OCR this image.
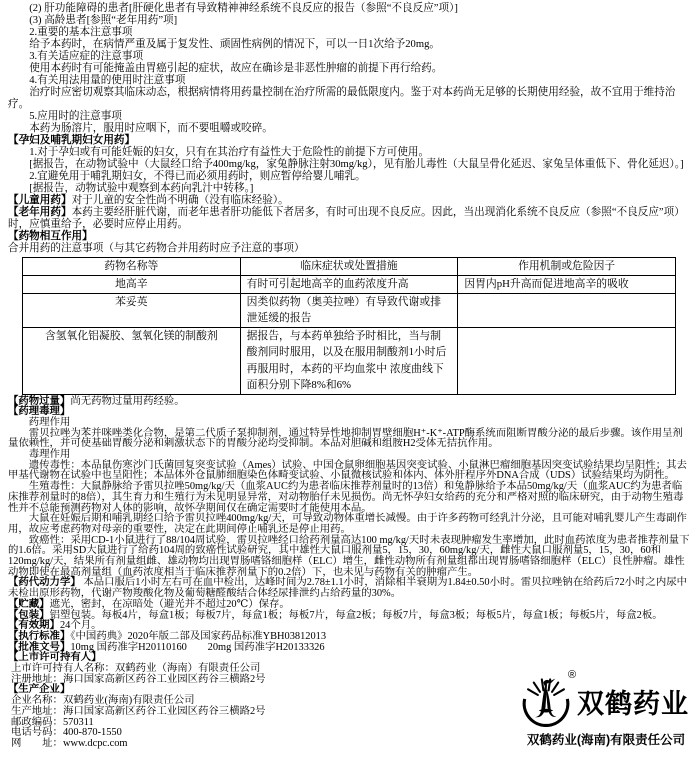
(2) 肝功能障碍的患者[肝硬化患者有导致精神神经系统不良反应的报告（参照“不良反应”项）]

(3) 高龄患者[参照“老年用药”项]

2.重要的基本注意事项

给予本药时，在病情严重及属于复发性、顽固性病例的情况下，可以一日1次给予20mg。

3.有关适应症的注意事项

使用本药时有可能掩盖由胃癌引起的症状，故应在确诊是非恶性肿瘤的前提下再行给药。

4.有关用法用量的使用时注意事项

治疗时应密切观察其临床动态，根据病情将用药量控制在治疗所需的最低限度内。鉴于对本药尚无足够的长期使用经验，故不宜用于维持治疗。

5.应用时的注意事项

本药为肠溶片，服用时应咽下，而不要咀嚼或咬碎。

【孕妇及哺乳期妇女用药】

1.对于孕妇或有可能妊娠的妇女，只有在其治疗有益性大于危险性的前提下方可使用。

[据报告，在动物试验中（大鼠经口给予400mg/kg，家兔静脉注射30mg/kg），见有胎儿毒性（大鼠呈骨化延迟、家兔呈体重低下、骨化延迟）。]

2.宜避免用于哺乳期妇女，不得已而必须用药时，则应暂停给婴儿哺乳。

[据报告，动物试验中观察到本药向乳汁中转移。]

【儿童用药】对于儿童的安全性尚不明确（没有临床经验）。

【老年用药】本药主要经肝脏代谢，而老年患者肝功能低下者居多，有时可出现不良反应。因此，当出现消化系统不良反应（参照“不良反应”项）时，应慎重给予，必要时应停止用药。

【药物相互作用】

合并用药的注意事项（与其它药物合并用药时应予注意的事项）

药物名称等	临床症状或处置措施	作用机制或危险因子
地高辛	有时可引起地高辛的血药浓度升高	因胃内pH升高而促进地高辛的吸收
苯妥英	因类似药物（奥美拉唑）有导致代谢或排泄延缓的报告	
含氢氧化铝凝胶、氢氧化镁的制酸剂	据报告，与本药单独给予时相比，当与制酸剂同时服用，以及在服用制酸剂1小时后再服用时，本药的平均血浆中 浓度曲线下面积分别下降8%和6%	

【药物过量】尚无药物过量用药经验。

【药理毒理】

药理作用

雷贝拉唑为苯并咪唑类化合物，是第二代质子泵抑制剂，通过特异性地抑制胃壁细胞H⁺-K⁺-ATP酶系统而阻断胃酸分泌的最后步骤。该作用呈剂量依赖性，并可使基础胃酸分泌和刺激状态下的胃酸分泌均受抑制。本品对胆碱和组胺H2受体无拮抗作用。

毒理作用

遗传毒性：本品鼠伤寒沙门氏菌回复突变试验（Ames）试验、中国仓鼠卵细胞基因突变试验、小鼠淋巴瘤细胞基因突变试验结果均呈阳性；其去甲基代谢物在试验中也呈阳性；本品体外仓鼠肺细胞染色体畸变试验、小鼠微核试验和体内、体外肝程序外DNA合成（UDS）试验结果均为阴性。

生殖毒性：大鼠静脉给予雷贝拉唑50mg/kg/天（血浆AUC约为患者临床推荐剂量时的13倍）和兔静脉给予本品50mg/kg/天（血浆AUC约为患者临床推荐剂量时的8倍），其生育力和生殖行为未见明显异常，对动物胎仔未见损伤。尚无怀孕妇女给药的充分和严格对照的临床研究，由于动物生殖毒性并不总能预测药物对人体的影响，故怀孕期间仅在确定需要时才能使用本品。

大鼠在妊娠后期和哺乳期经口给予雷贝拉唑400mg/kg/天，可导致动物体重增长减慢。由于许多药物可经乳汁分泌，且可能对哺乳婴儿产生毒副作用，故应考虑药物对母亲的重要性，决定在此期间停止哺乳还是停止用药。

致癌性：采用CD-1小鼠进行了88/104周试验，雷贝拉唑经口给药剂量高达100 mg/kg/天时未表现肿瘤发生率增加，此时血药浓度为患者推荐剂量下的1.6倍。采用SD大鼠进行了给药104周的致癌性试验研究，其中雄性大鼠口服剂量5，15，30，60mg/kg/天，雌性大鼠口服剂量5，15，30，60和120mg/kg/天，结果所有剂量组雌、雄动物均出现胃肠嗜铬细胞样（ELC）增生，雌性动物所有剂量组都出现胃肠嗜铬细胞样（ELC）良性肿瘤。雄性动物即使在最高剂量组（血药浓度相当于临床推荐剂量下的0.2倍）下，也未见与药物有关的肿瘤产生。

【药代动力学】 本品口服后1小时左右可在血中检出，达峰时间为2.78±1.1小时，消除相半衰期为1.84±0.50小时。雷贝拉唑钠在给药后72小时之内尿中未检出原形药物，代谢产物羧酸化物及葡萄糖醛酸结合体经尿排泄约占给药量的30%。

【贮藏】遮光，密封，在凉暗处（避光并不超过20℃）保存。

【包装】铝塑包装。每板4片，每盒1板；每板7片，每盒1板；每板7片，每盒2板；每板7片，每盒3板；每板5片，每盒1板；每板5片，每盒2板。

【有效期】24个月。

【执行标准】《中国药典》2020年版二部及国家药品标准YBH03812013

【批准文号】10mg 国药准字H20110160　　20mg 国药准字H20133326

【上市许可持有人】

上市许可持有人名称：双鹤药业（海南）有限责任公司

注册地址：海口国家高新区药谷工业园区药谷三横路2号

【生产企业】

企业名称：双鹤药业(海南)有限责任公司

生产地址：海口国家高新区药谷工业园区药谷三横路2号

邮政编码：570311

电话号码：400-870-1550

网　　址：www.dcpc.com

®
双鹤药业
双鹤药业(海南)有限责任公司
